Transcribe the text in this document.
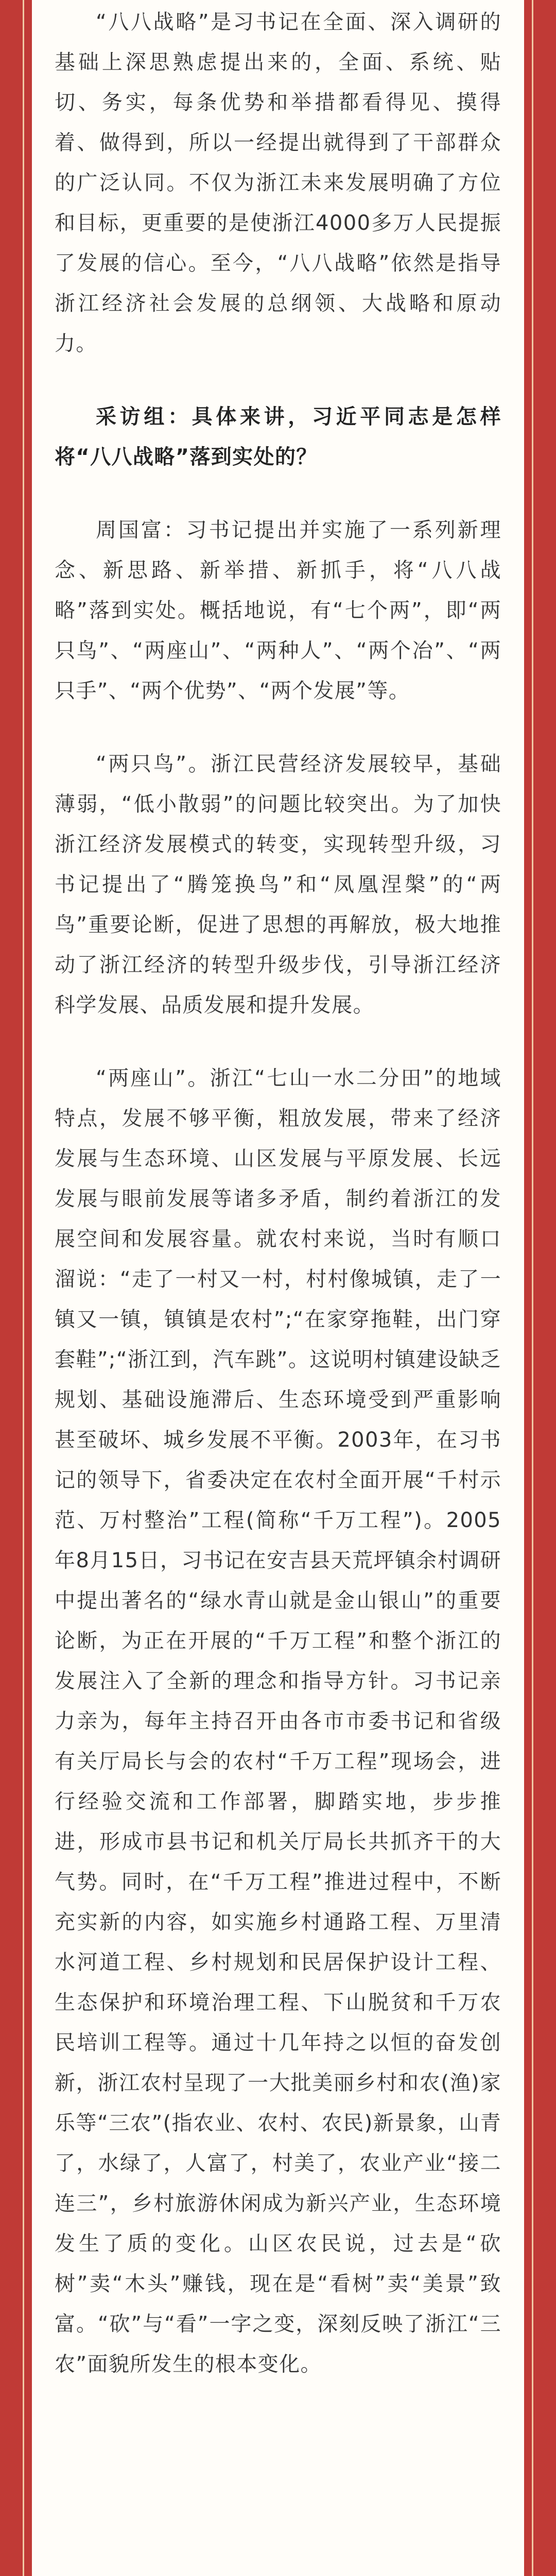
“八八战略”是习书记在全面、深入调研的基础上深思熟虑提出来的，全面、系统、贴切、务实，每条优势和举措都看得见、摸得着、做得到，所以一经提出就得到了干部群众的广泛认同。不仅为浙江未来发展明确了方位和目标，更重要的是使浙江4000多万人民提振了发展的信心。至今，“八八战略”依然是指导浙江经济社会发展的总纲领、大战略和原动力。

采访组：具体来讲，习近平同志是怎样将“八八战略”落到实处的？

周国富：习书记提出并实施了一系列新理念、新思路、新举措、新抓手，将“八八战略”落到实处。概括地说，有“七个两”，即“两只鸟”、“两座山”、“两种人”、“两个冶”、“两只手”、“两个优势”、“两个发展”等。

“两只鸟”。浙江民营经济发展较早，基础薄弱，“低小散弱”的问题比较突出。为了加快浙江经济发展模式的转变，实现转型升级，习书记提出了“腾笼换鸟”和“凤凰涅槃”的“两鸟”重要论断，促进了思想的再解放，极大地推动了浙江经济的转型升级步伐，引导浙江经济科学发展、品质发展和提升发展。

“两座山”。浙江“七山一水二分田”的地域特点，发展不够平衡，粗放发展，带来了经济发展与生态环境、山区发展与平原发展、长远发展与眼前发展等诸多矛盾，制约着浙江的发展空间和发展容量。就农村来说，当时有顺口溜说：“走了一村又一村，村村像城镇，走了一镇又一镇，镇镇是农村”;“在家穿拖鞋，出门穿套鞋”;“浙江到，汽车跳”。这说明村镇建设缺乏规划、基础设施滞后、生态环境受到严重影响甚至破坏、城乡发展不平衡。2003年，在习书记的领导下，省委决定在农村全面开展“千村示范、万村整治”工程(简称“千万工程”)。2005年8月15日，习书记在安吉县天荒坪镇余村调研中提出著名的“绿水青山就是金山银山”的重要论断，为正在开展的“千万工程”和整个浙江的发展注入了全新的理念和指导方针。习书记亲力亲为，每年主持召开由各市市委书记和省级有关厅局长与会的农村“千万工程”现场会，进行经验交流和工作部署，脚踏实地，步步推进，形成市县书记和机关厅局长共抓齐干的大气势。同时，在“千万工程”推进过程中，不断充实新的内容，如实施乡村通路工程、万里清水河道工程、乡村规划和民居保护设计工程、生态保护和环境治理工程、下山脱贫和千万农民培训工程等。通过十几年持之以恒的奋发创新，浙江农村呈现了一大批美丽乡村和农(渔)家乐等“三农”(指农业、农村、农民)新景象，山青了，水绿了，人富了，村美了，农业产业“接二连三”，乡村旅游休闲成为新兴产业，生态环境发生了质的变化。山区农民说，过去是“砍树”卖“木头”赚钱，现在是“看树”卖“美景”致富。“砍”与“看”一字之变，深刻反映了浙江“三农”面貌所发生的根本变化。
